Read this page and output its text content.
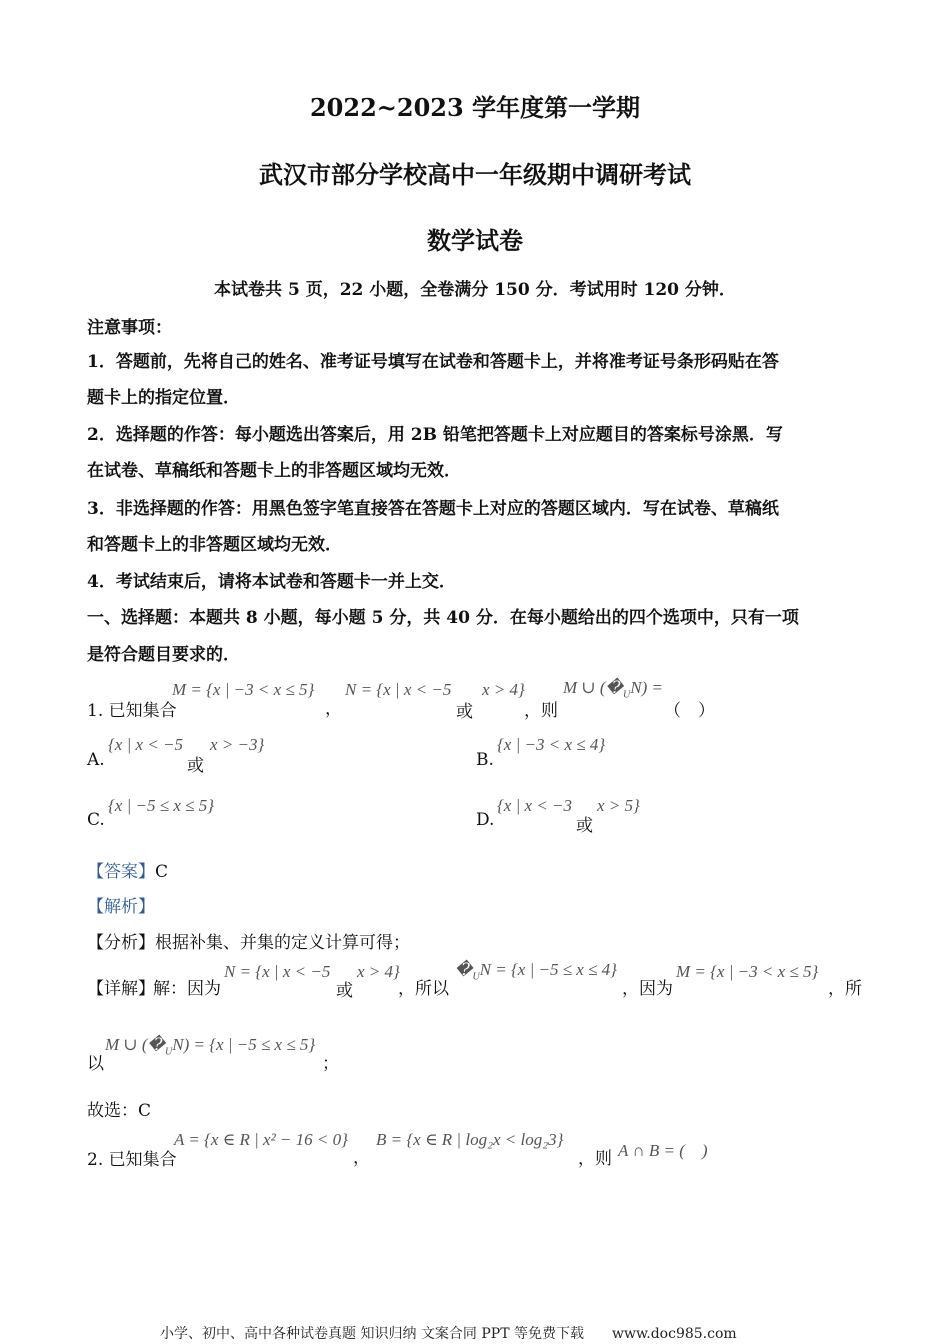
2022~2023 学年度第一学期
武汉市部分学校高中一年级期中调研考试
数学试卷
本试卷共 5 页，22 小题，全卷满分 150 分．考试用时 120 分钟．
注意事项：
1．答题前，先将自己的姓名、准考证号填写在试卷和答题卡上，并将准考证号条形码贴在答
题卡上的指定位置．
2．选择题的作答：每小题选出答案后，用 2B 铅笔把答题卡上对应题目的答案标号涂黑．写
在试卷、草稿纸和答题卡上的非答题区域均无效．
3．非选择题的作答：用黑色签字笔直接答在答题卡上对应的答题区域内．写在试卷、草稿纸
和答题卡上的非答题区域均无效．
4．考试结束后，请将本试卷和答题卡一并上交．
一、选择题：本题共 8 小题，每小题 5 分，共 40 分．在每小题给出的四个选项中，只有一项
是符合题目要求的．
1. 已知集合
M = {x | −3 < x ≤ 5}
，
N = {x | x < −5
或
x > 4}
，则
M ∪ $(�_UN)$ =
（　）
A.
{x | x < −5
或
x > −3}
B.
{x | −3 < x ≤ 4}
C.
{x | −5 ≤ x ≤ 5}
D.
{x | x < −3
或
x > 5}
【答案】C
【解析】
【分析】根据补集、并集的定义计算可得；
【详解】
解：因为
N = {x | x < −5
或
x > 4}
，所以
$�_UN = \{x$ | −5 ≤ x ≤ 4}
，因为
M = {x | −3 < x ≤ 5}
，所
以
M ∪ $(�_UN) = \{x$ | −5 ≤ x ≤ 5}
；
故选：C
2. 已知集合
A = {x ∈ R | x² − 16 < 0}
，
B = {x ∈ R | log₂x < log₂3}
，则 A ∩ B = (　)
小学、初中、高中各种试卷真题 知识归纳 文案合同 PPT 等免费下载　　www.doc985.com
